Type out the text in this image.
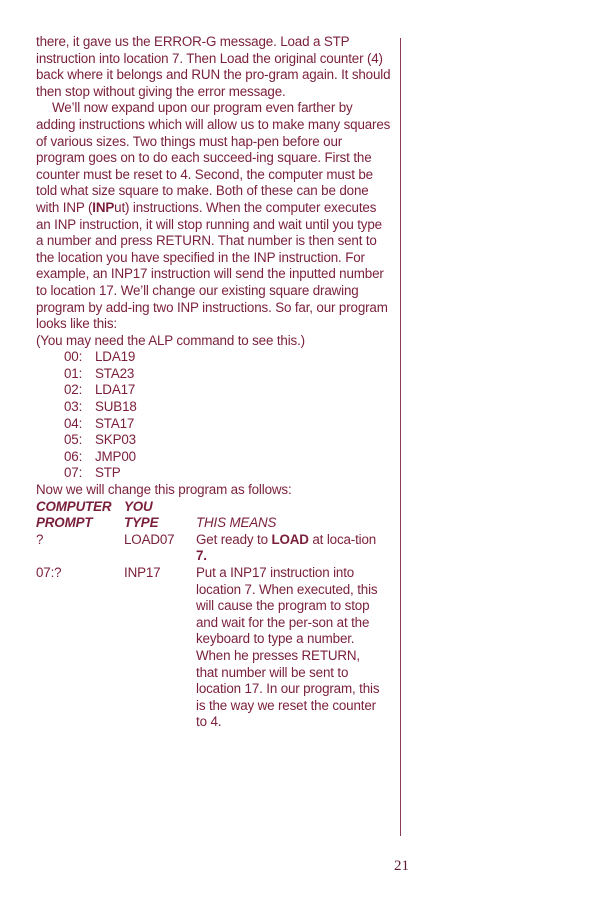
there, it gave us the ERROR-G message. Load a STP instruction into location 7. Then Load the original counter (4) back where it belongs and RUN the pro-gram again. It should then stop without giving the error message.

We’ll now expand upon our program even farther by adding instructions which will allow us to make many squares of various sizes. Two things must hap-pen before our program goes on to do each succeed-ing square. First the counter must be reset to 4. Second, the computer must be told what size square to make. Both of these can be done with INP (INPut) instructions. When the computer executes an INP instruction, it will stop running and wait until you type a number and press RETURN. That number is then sent to the location you have specified in the INP instruction. For example, an INP17 instruction will send the inputted number to location 17. We’ll change our existing square drawing program by add-ing two INP instructions. So far, our program looks like this:

(You may need the ALP command to see this.)

00: LDA19
01: STA23
02: LDA17
03: SUB18
04: STA17
05: SKP03
06: JMP00
07: STP

Now we will change this program as follows:

COMPUTER YOU
PROMPT	TYPE	THIS MEANS
?	LOAD07	Get ready to LOAD at loca-tion 7.
07:?	INP17	Put a INP17 instruction into location 7. When executed, this will cause the program to stop and wait for the per-son at the keyboard to type a number. When he presses RETURN, that number will be sent to location 17. In our program, this is the way we reset the counter to 4.
21
